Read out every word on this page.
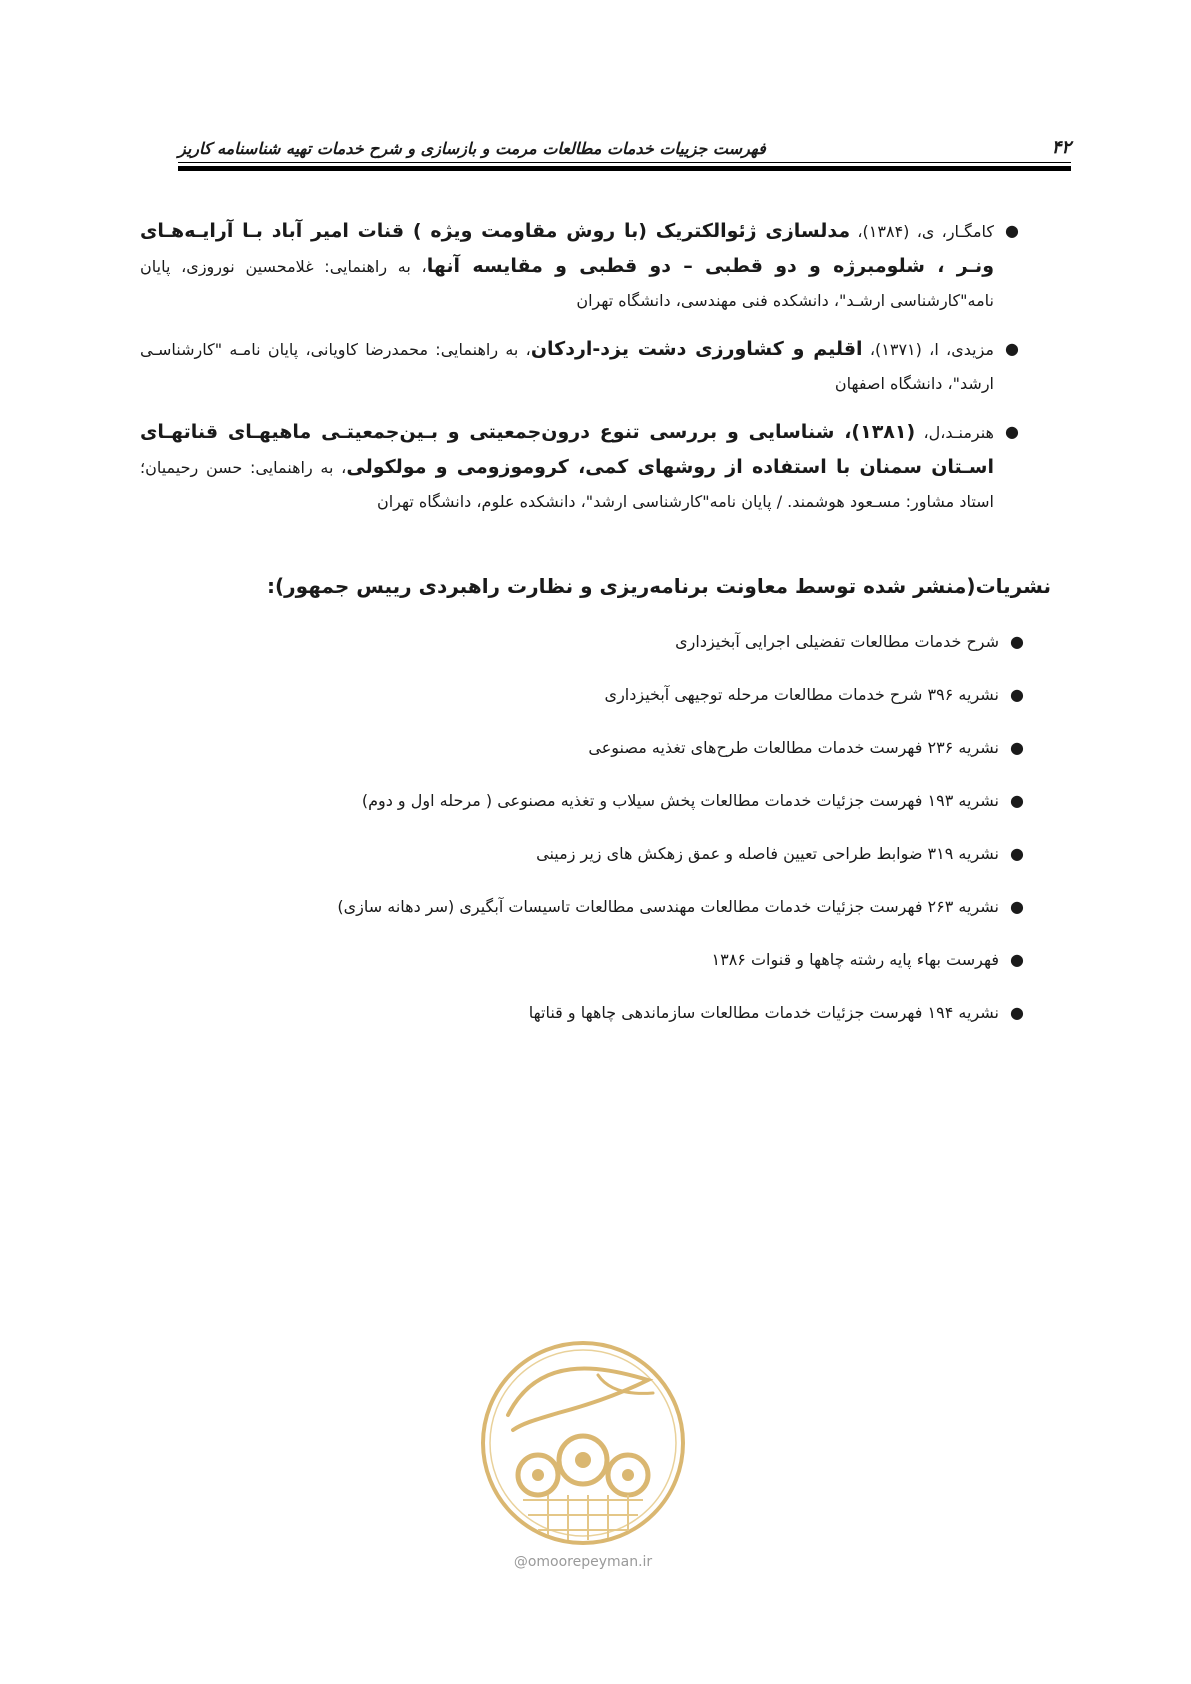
۴۲
فهرست جزییات خدمات مطالعات مرمت و بازسازی و شرح خدمات تهیه شناسنامه کاریز
●
کامگـار، ی، (۱۳۸۴)، مدلسازی ژئوالکتریک (با روش مقاومت ویژه ) قنات امیر آباد بـا آرایـه‌هـای ونـر ، شلومبرژه و دو قطبی – دو قطبی و مقایسه آنها، به راهنمایی: غلامحسین نوروزی، پایان نامه"کارشناسی ارشـد"، دانشکده فنی مهندسی، دانشگاه تهران
●
مزیدی، ا، (۱۳۷۱)، اقلیم و کشاورزی دشت یزد-اردکان، به راهنمایی: محمدرضا کاویانی، پایان نامـه "کارشناسـی ارشد"، دانشگاه اصفهان
●
هنرمنـد،ل، (۱۳۸۱)، شناسایی و بررسی تنوع درون‌جمعیتی و بـین‌جمعیتـی ماهیهـای قناتهـای اسـتان سمنان با استفاده از روشهای کمی، کروموزومی و مولکولی، به راهنمایی: حسن رحیمیان؛ استاد مشاور: مسـعود هوشمند. / پایان نامه"کارشناسی ارشد"، دانشکده علوم، دانشگاه تهران
نشریات(منشر شده توسط معاونت برنامه‌ریزی و نظارت راهبردی رییس جمهور):
●
شرح خدمات مطالعات تفضیلی اجرایی آبخیزداری
●
نشریه ۳۹۶ شرح خدمات مطالعات مرحله توجیهی آبخیزداری
●
نشریه ۲۳۶ فهرست خدمات مطالعات طرح‌های تغذیه مصنوعی
●
نشریه ۱۹۳ فهرست جزئیات خدمات مطالعات پخش سیلاب و تغذیه مصنوعی ( مرحله اول و دوم)
●
نشریه ۳۱۹ ضوابط طراحی تعیین فاصله و عمق زهکش های زیر زمینی
●
نشریه ۲۶۳ فهرست جزئیات خدمات مطالعات مهندسی مطالعات تاسیسات آبگیری (سر دهانه سازی)
●
فهرست بهاء پایه رشته چاهها و قنوات ۱۳۸۶
●
نشریه ۱۹۴ فهرست جزئیات خدمات مطالعات سازماندهی چاهها و قناتها
@omoorepeyman.ir
